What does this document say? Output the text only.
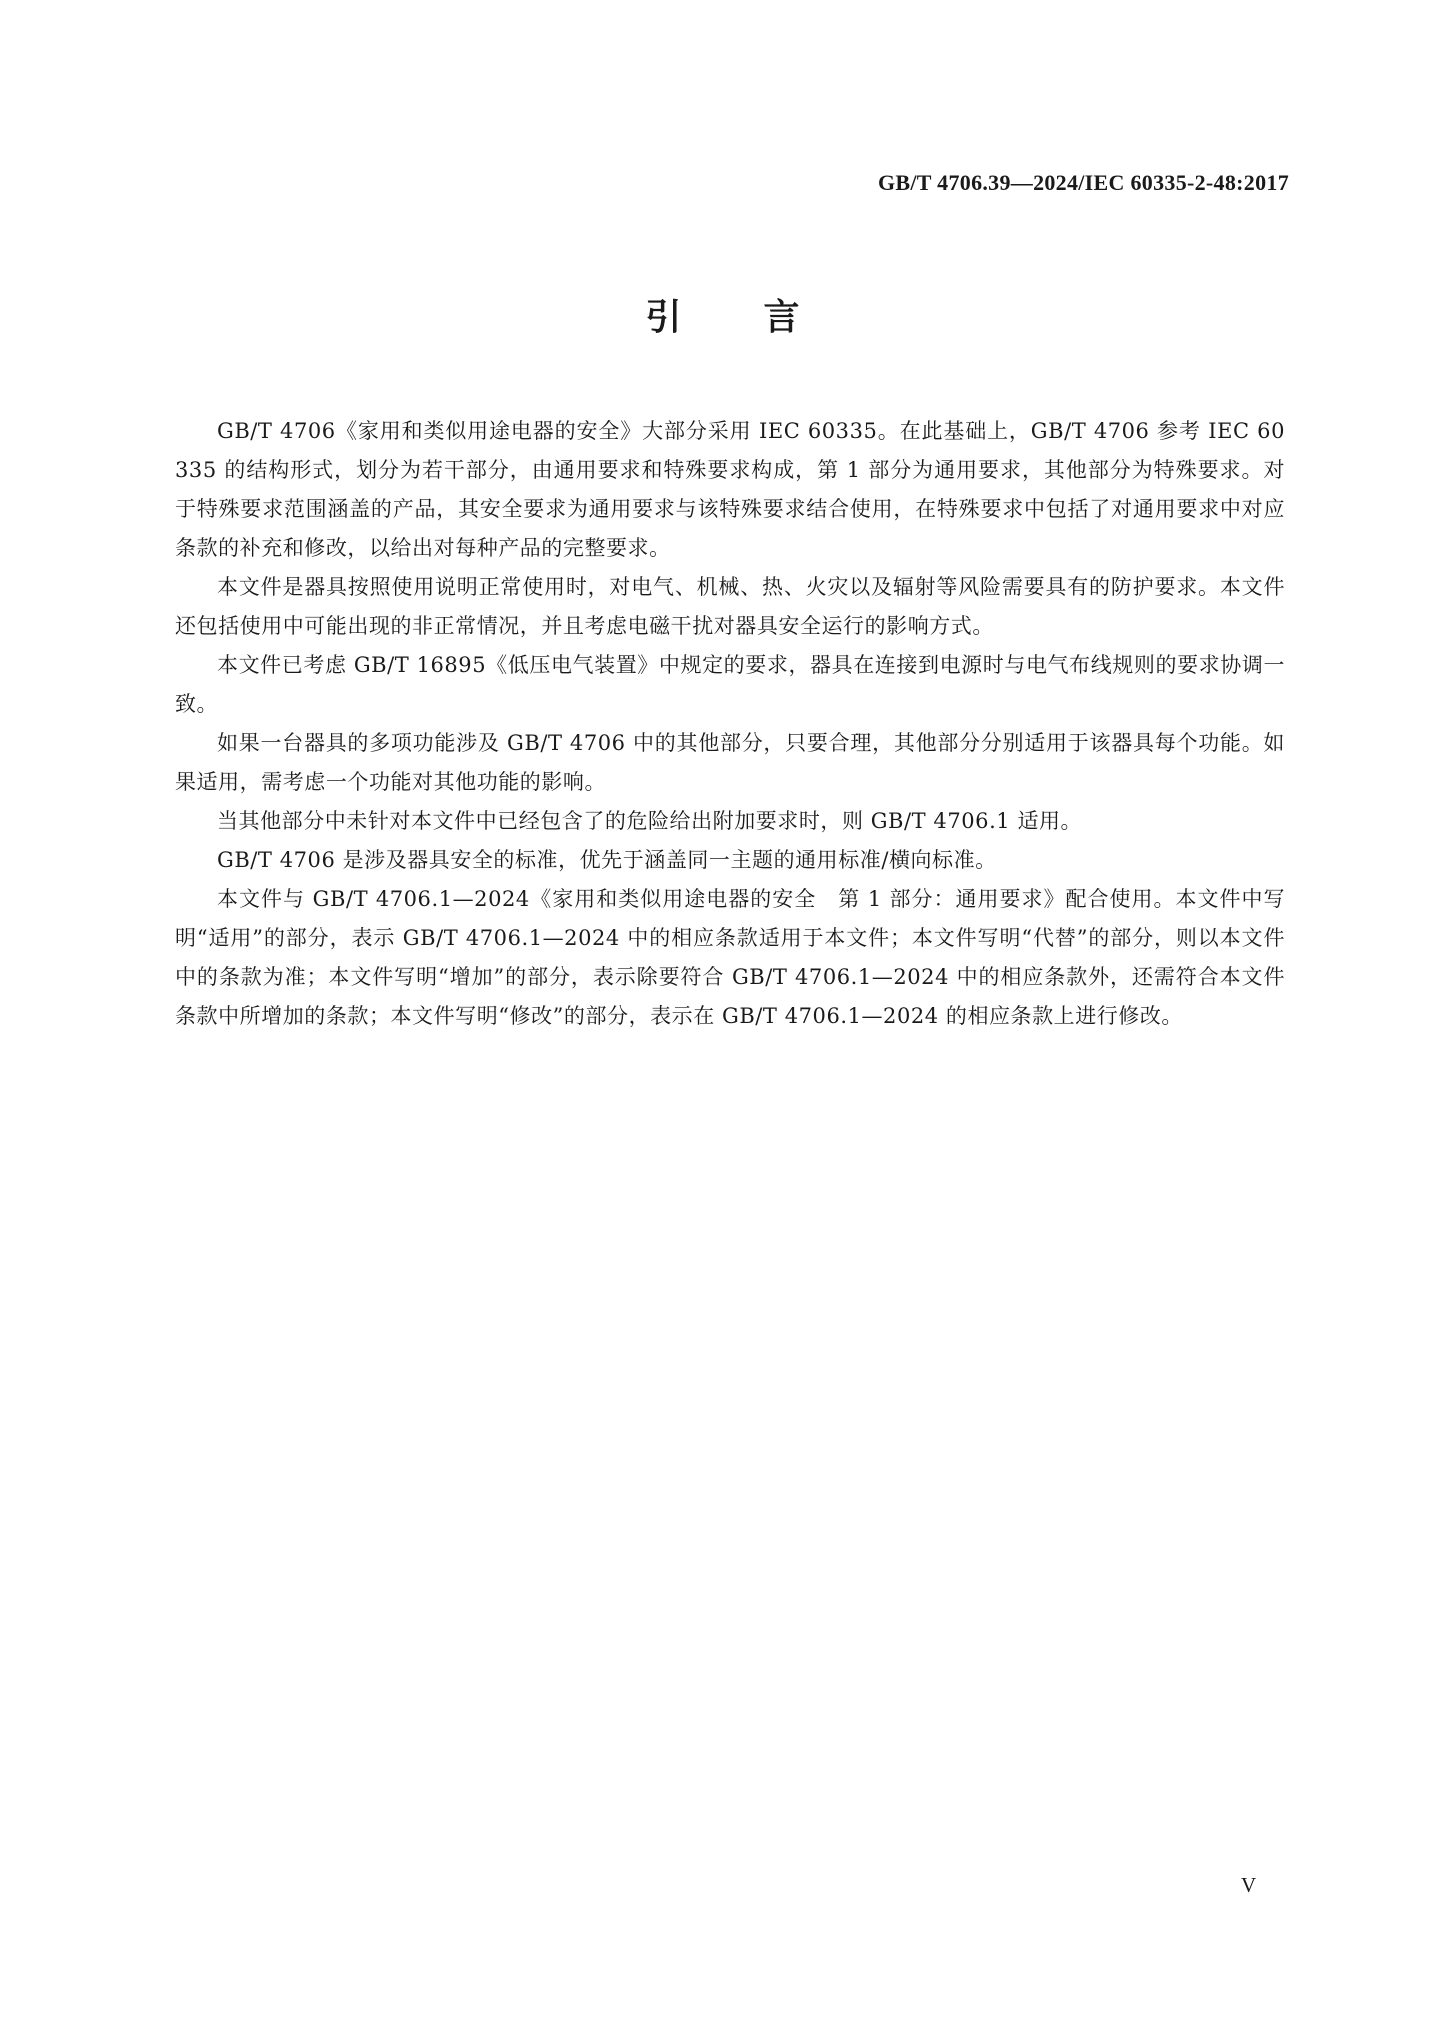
GB/T 4706.39—2024/IEC 60335-2-48:2017
引言

GB/T 4706《家用和类似用途电器的安全》大部分采用 IEC 60335。在此基础上，GB/T 4706 参考 IEC 60335 的结构形式，划分为若干部分，由通用要求和特殊要求构成，第 1 部分为通用要求，其他部分为特殊要求。对于特殊要求范围涵盖的产品，其安全要求为通用要求与该特殊要求结合使用，在特殊要求中包括了对通用要求中对应条款的补充和修改，以给出对每种产品的完整要求。

本文件是器具按照使用说明正常使用时，对电气、机械、热、火灾以及辐射等风险需要具有的防护要求。本文件还包括使用中可能出现的非正常情况，并且考虑电磁干扰对器具安全运行的影响方式。

本文件已考虑 GB/T 16895《低压电气装置》中规定的要求，器具在连接到电源时与电气布线规则的要求协调一致。

如果一台器具的多项功能涉及 GB/T 4706 中的其他部分，只要合理，其他部分分别适用于该器具每个功能。如果适用，需考虑一个功能对其他功能的影响。

当其他部分中未针对本文件中已经包含了的危险给出附加要求时，则 GB/T 4706.1 适用。

GB/T 4706 是涉及器具安全的标准，优先于涵盖同一主题的通用标准/横向标准。

本文件与 GB/T 4706.1—2024《家用和类似用途电器的安全　第 1 部分：通用要求》配合使用。本文件中写明“适用”的部分，表示 GB/T 4706.1—2024 中的相应条款适用于本文件；本文件写明“代替”的部分，则以本文件中的条款为准；本文件写明“增加”的部分，表示除要符合 GB/T 4706.1—2024 中的相应条款外，还需符合本文件条款中所增加的条款；本文件写明“修改”的部分，表示在 GB/T 4706.1—2024 的相应条款上进行修改。

V
